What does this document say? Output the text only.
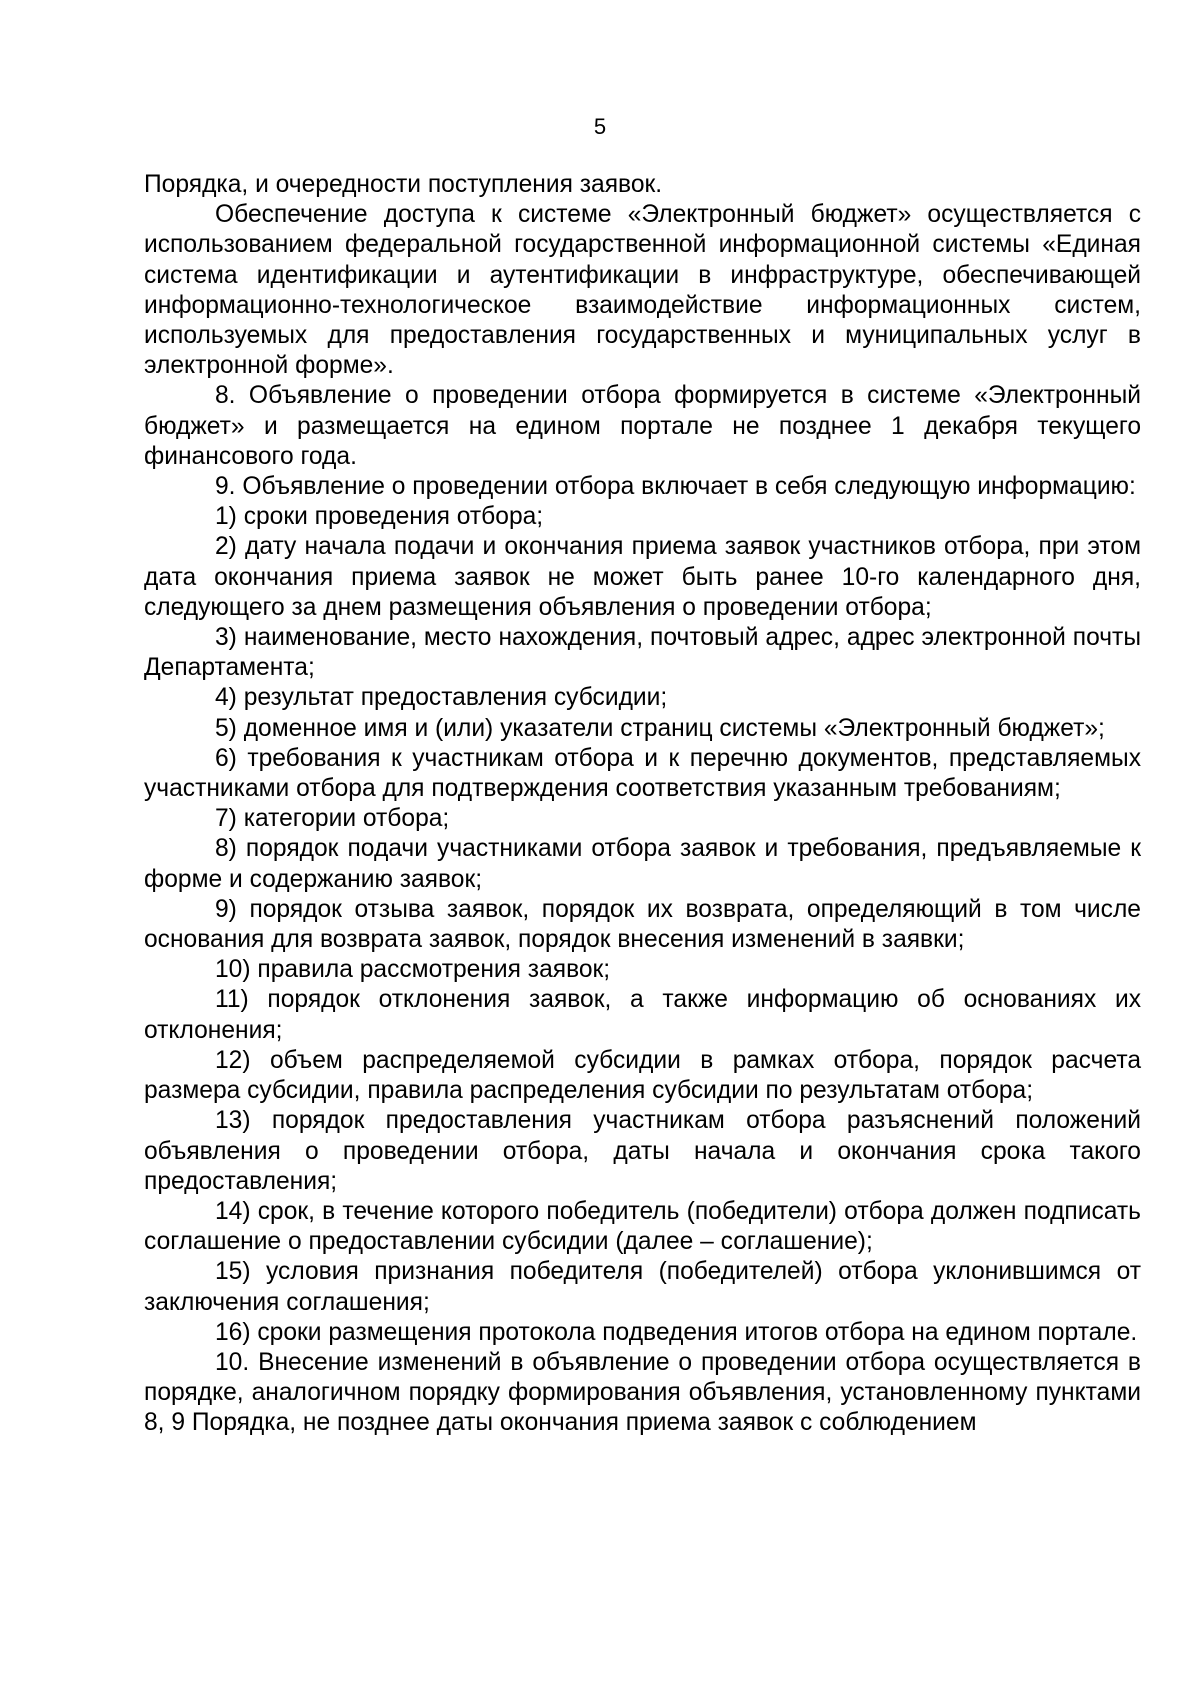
5

Порядка, и очередности поступления заявок.

Обеспечение доступа к системе «Электронный бюджет» осуществляется с использованием федеральной государственной информационной системы «Единая система идентификации и аутентификации в инфраструктуре, обеспечивающей информационно-технологическое взаимодействие информационных систем, используемых для предоставления государственных и муниципальных услуг в электронной форме».

8. Объявление о проведении отбора формируется в системе «Электронный бюджет» и размещается на едином портале не позднее 1 декабря текущего финансового года.

9. Объявление о проведении отбора включает в себя следующую информацию:

1) сроки проведения отбора;

2) дату начала подачи и окончания приема заявок участников отбора, при этом дата окончания приема заявок не может быть ранее 10-го календарного дня, следующего за днем размещения объявления о проведении отбора;

3) наименование, место нахождения, почтовый адрес, адрес электронной почты Департамента;

4) результат предоставления субсидии;

5) доменное имя и (или) указатели страниц системы «Электронный бюджет»;

6) требования к участникам отбора и к перечню документов, представляемых участниками отбора для подтверждения соответствия указанным требованиям;

7) категории отбора;

8) порядок подачи участниками отбора заявок и требования, предъявляемые к форме и содержанию заявок;

9) порядок отзыва заявок, порядок их возврата, определяющий в том числе основания для возврата заявок, порядок внесения изменений в заявки;

10) правила рассмотрения заявок;

11) порядок отклонения заявок, а также информацию об основаниях их отклонения;

12) объем распределяемой субсидии в рамках отбора, порядок расчета размера субсидии, правила распределения субсидии по результатам отбора;

13) порядок предоставления участникам отбора разъяснений положений объявления о проведении отбора, даты начала и окончания срока такого предоставления;

14) срок, в течение которого победитель (победители) отбора должен подписать соглашение о предоставлении субсидии (далее – соглашение);

15) условия признания победителя (победителей) отбора уклонившимся от заключения соглашения;

16) сроки размещения протокола подведения итогов отбора на едином портале.

10. Внесение изменений в объявление о проведении отбора осуществляется в порядке, аналогичном порядку формирования объявления, установленному пунктами 8, 9 Порядка, не позднее даты окончания приема заявок с соблюдением
